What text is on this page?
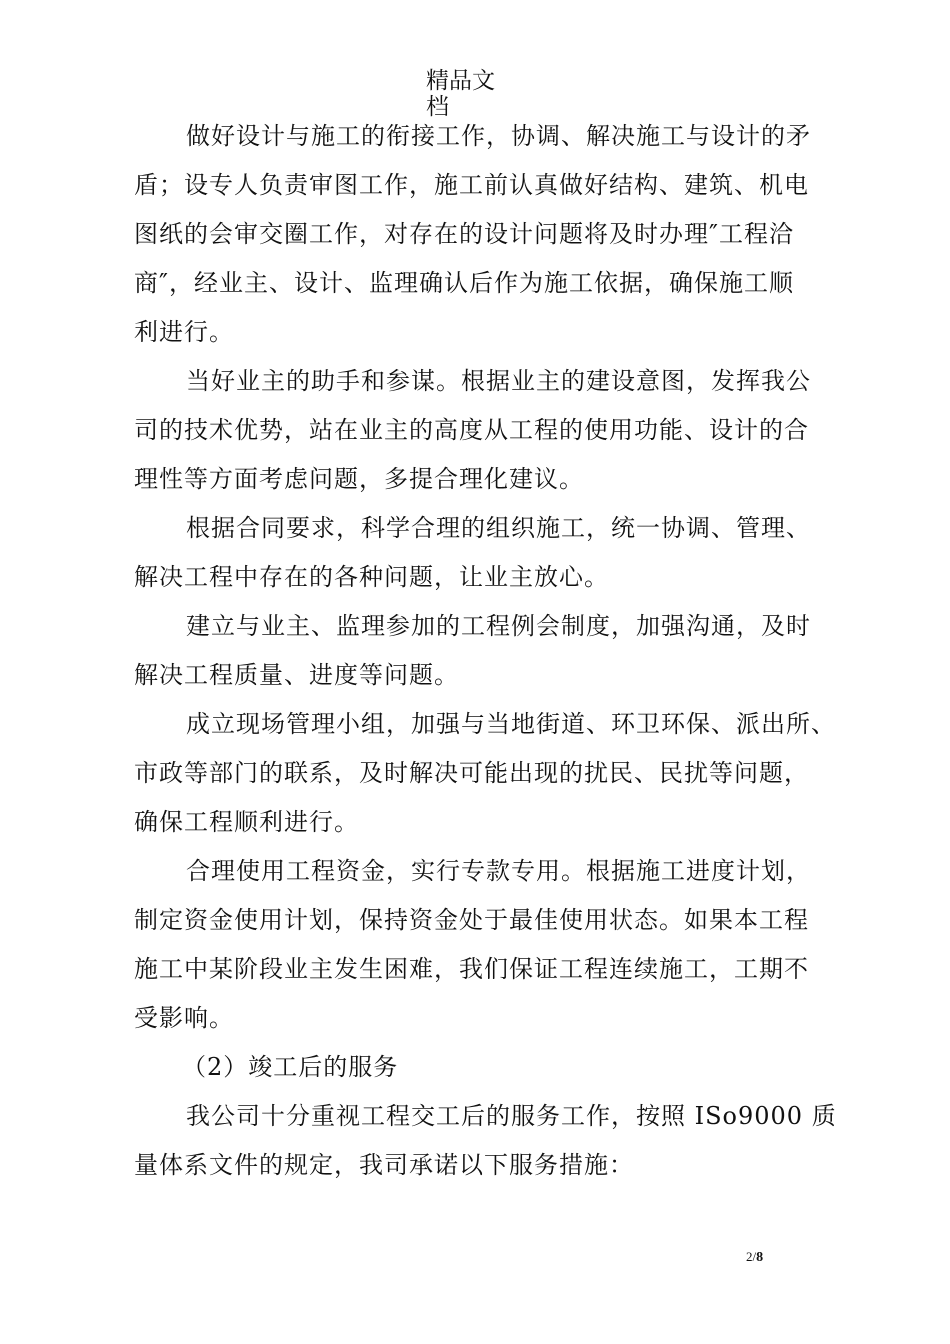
精品文
档
做好设计与施工的衔接工作，协调、解决施工与设计的矛
盾；设专人负责审图工作，施工前认真做好结构、建筑、机电
图纸的会审交圈工作，对存在的设计问题将及时办理″工程洽
商″，经业主、设计、监理确认后作为施工依据，确保施工顺
利进行。
当好业主的助手和参谋。根据业主的建设意图，发挥我公
司的技术优势，站在业主的高度从工程的使用功能、设计的合
理性等方面考虑问题，多提合理化建议。
根据合同要求，科学合理的组织施工，统一协调、管理、
解决工程中存在的各种问题，让业主放心。
建立与业主、监理参加的工程例会制度，加强沟通，及时
解决工程质量、进度等问题。
成立现场管理小组，加强与当地街道、环卫环保、派出所、
市政等部门的联系，及时解决可能出现的扰民、民扰等问题，
确保工程顺利进行。
合理使用工程资金，实行专款专用。根据施工进度计划，
制定资金使用计划，保持资金处于最佳使用状态。如果本工程
施工中某阶段业主发生困难，我们保证工程连续施工，工期不
受影响。
（2）竣工后的服务
我公司十分重视工程交工后的服务工作，按照 ISo9000 质
量体系文件的规定，我司承诺以下服务措施：
2/8
